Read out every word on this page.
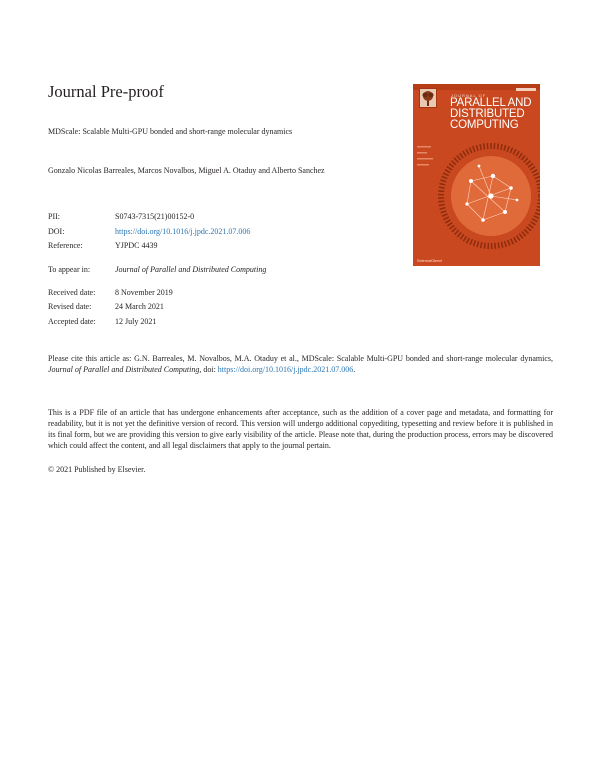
Journal Pre-proof
MDScale: Scalable Multi-GPU bonded and short-range molecular dynamics
Gonzalo Nicolas Barreales, Marcos Novalbos, Miguel A. Otaduy and Alberto Sanchez
PII:	S0743-7315(21)00152-0
DOI:	https://doi.org/10.1016/j.jpdc.2021.07.006
Reference:	YJPDC 4439
To appear in:	Journal of Parallel and Distributed Computing
Received date: 8 November 2019
Revised date:	24 March 2021
Accepted date: 12 July 2021
Please cite this article as: G.N. Barreales, M. Novalbos, M.A. Otaduy et al., MDScale: Scalable Multi-GPU bonded and short-range molecular dynamics, Journal of Parallel and Distributed Computing, doi: https://doi.org/10.1016/j.jpdc.2021.07.006.
This is a PDF file of an article that has undergone enhancements after acceptance, such as the addition of a cover page and metadata, and formatting for readability, but it is not yet the definitive version of record. This version will undergo additional copyediting, typesetting and review before it is published in its final form, but we are providing this version to give early visibility of the article. Please note that, during the production process, errors may be discovered which could affect the content, and all legal disclaimers that apply to the journal pertain.
© 2021 Published by Elsevier.
JOURNAL OF
PARALLEL AND
DISTRIBUTED
COMPUTING
ScienceDirect
